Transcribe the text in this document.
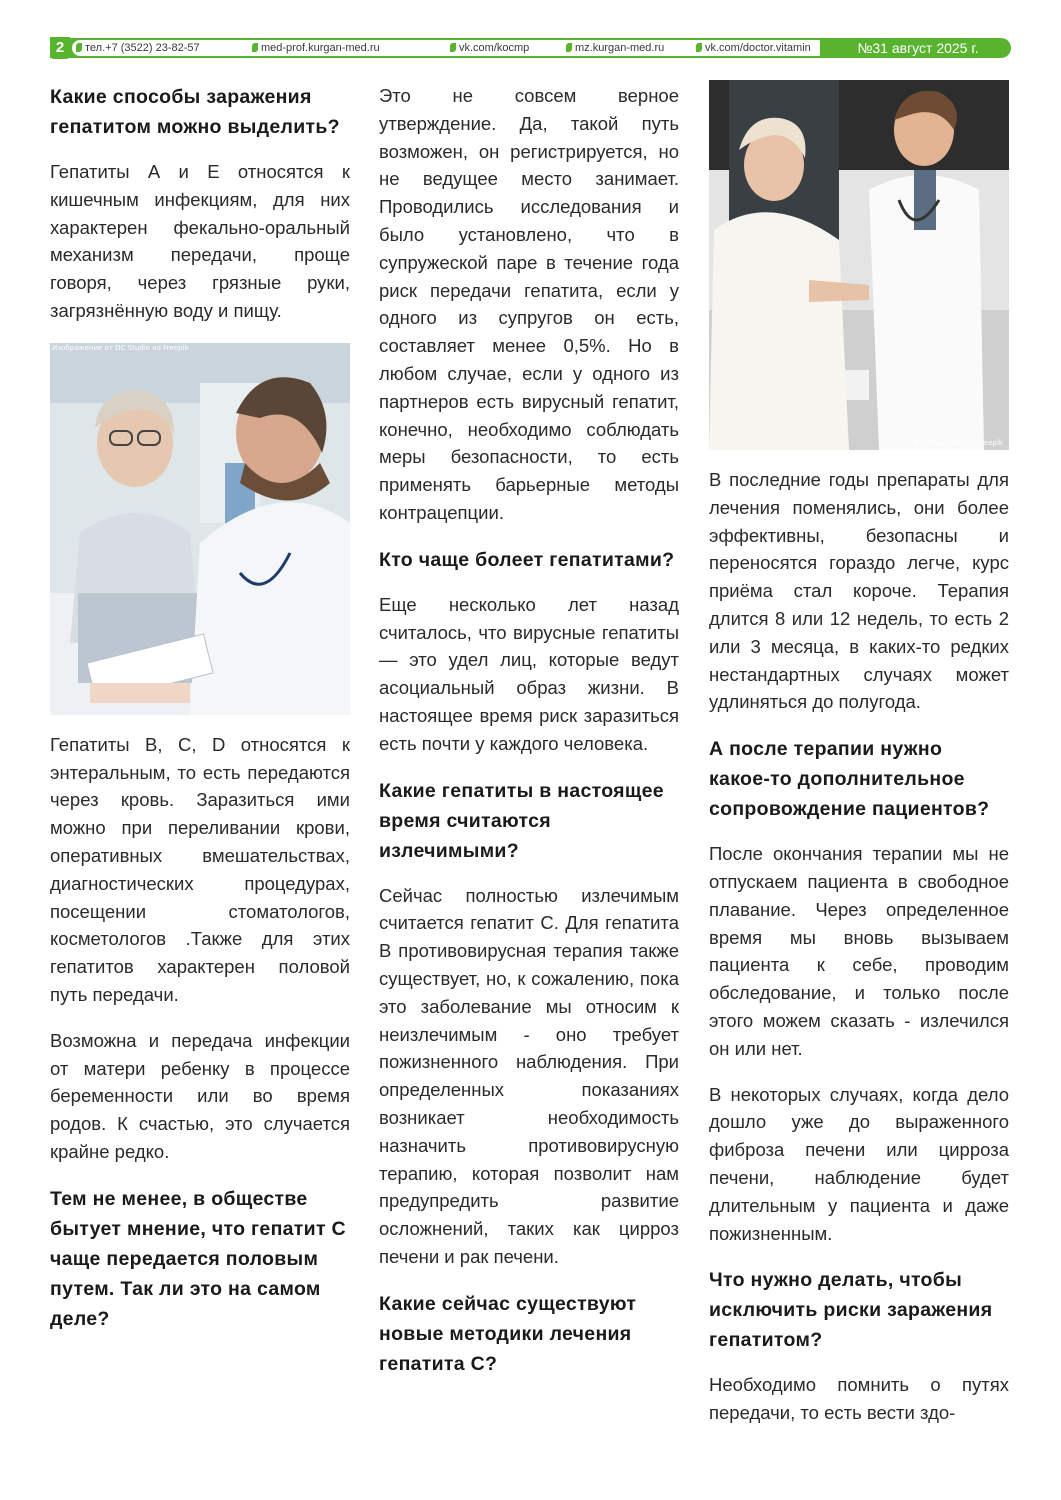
тел.+7 (3522) 23-82-57	med-prof.kurgan-med.ru	vk.com/kocmp	mz.kurgan-med.ru	vk.com/doctor.vitamin
2	№31 август 2025 г.
Какие способы заражения гепатитом можно выделить?
Гепатиты А и Е относятся к кишечным инфекциям, для них характерен фекально-оральный механизм передачи, проще говоря, через грязные руки, загрязнённую воду и пищу.
Изображение от DC Studio на Freepik
Гепатиты B, C, D относятся к энтеральным, то есть передаются через кровь. Заразиться ими можно при переливании крови, оперативных вмешательствах, диагностических процедурах, посещении стоматологов, косметологов .Также для этих гепатитов характерен половой путь передачи.
Возможна и передача инфекции от матери ребенку в процессе беременности или во время родов. К счастью, это случается крайне редко.
Тем не менее, в обществе бытует мнение, что гепатит С чаще передается половым путем. Так ли это на самом деле?
Это не совсем верное утверждение. Да, такой путь возможен, он регистрируется, но не ведущее место занимает. Проводились исследования и было установлено, что в супружеской паре в течение года риск передачи гепатита, если у одного из супругов он есть, составляет менее 0,5%. Но в любом случае, если у одного из партнеров есть вирусный гепатит, конечно, необходимо соблюдать меры безопасности, то есть применять барьерные методы контрацепции.
Кто чаще болеет гепатитами?
Еще несколько лет назад считалось, что вирусные гепатиты — это удел лиц, которые ведут асоциальный образ жизни. В настоящее время риск заразиться есть почти у каждого человека.
Какие гепатиты в настоящее время считаются излечимыми?
Сейчас полностью излечимым считается гепатит С. Для гепатита В противовирусная терапия также существует, но, к сожалению, пока это заболевание мы относим к неизлечимым - оно требует пожизненного наблюдения. При определенных показаниях возникает необходимость назначить противовирусную терапию, которая позволит нам предупредить развитие осложнений, таких как цирроз печени и рак печени.
Какие сейчас существуют новые методики лечения гепатита С?
Изображение от Freepik
В последние годы препараты для лечения поменялись, они более эффективны, безопасны и переносятся гораздо легче, курс приёма стал короче. Терапия длится 8 или 12 недель, то есть 2 или 3 месяца, в каких-то редких нестандартных случаях может удлиняться до полугода.
А после терапии нужно какое-то дополнительное сопровождение пациентов?
После окончания терапии мы не отпускаем пациента в свободное плавание. Через определенное время мы вновь вызываем пациента к себе, проводим обследование, и только после этого можем сказать - излечился он или нет.
В некоторых случаях, когда дело дошло уже до выраженного фиброза печени или цирроза печени, наблюдение будет длительным у пациента и даже пожизненным.
Что нужно делать, чтобы исключить риски заражения гепатитом?
Необходимо помнить о путях передачи, то есть вести здо-
